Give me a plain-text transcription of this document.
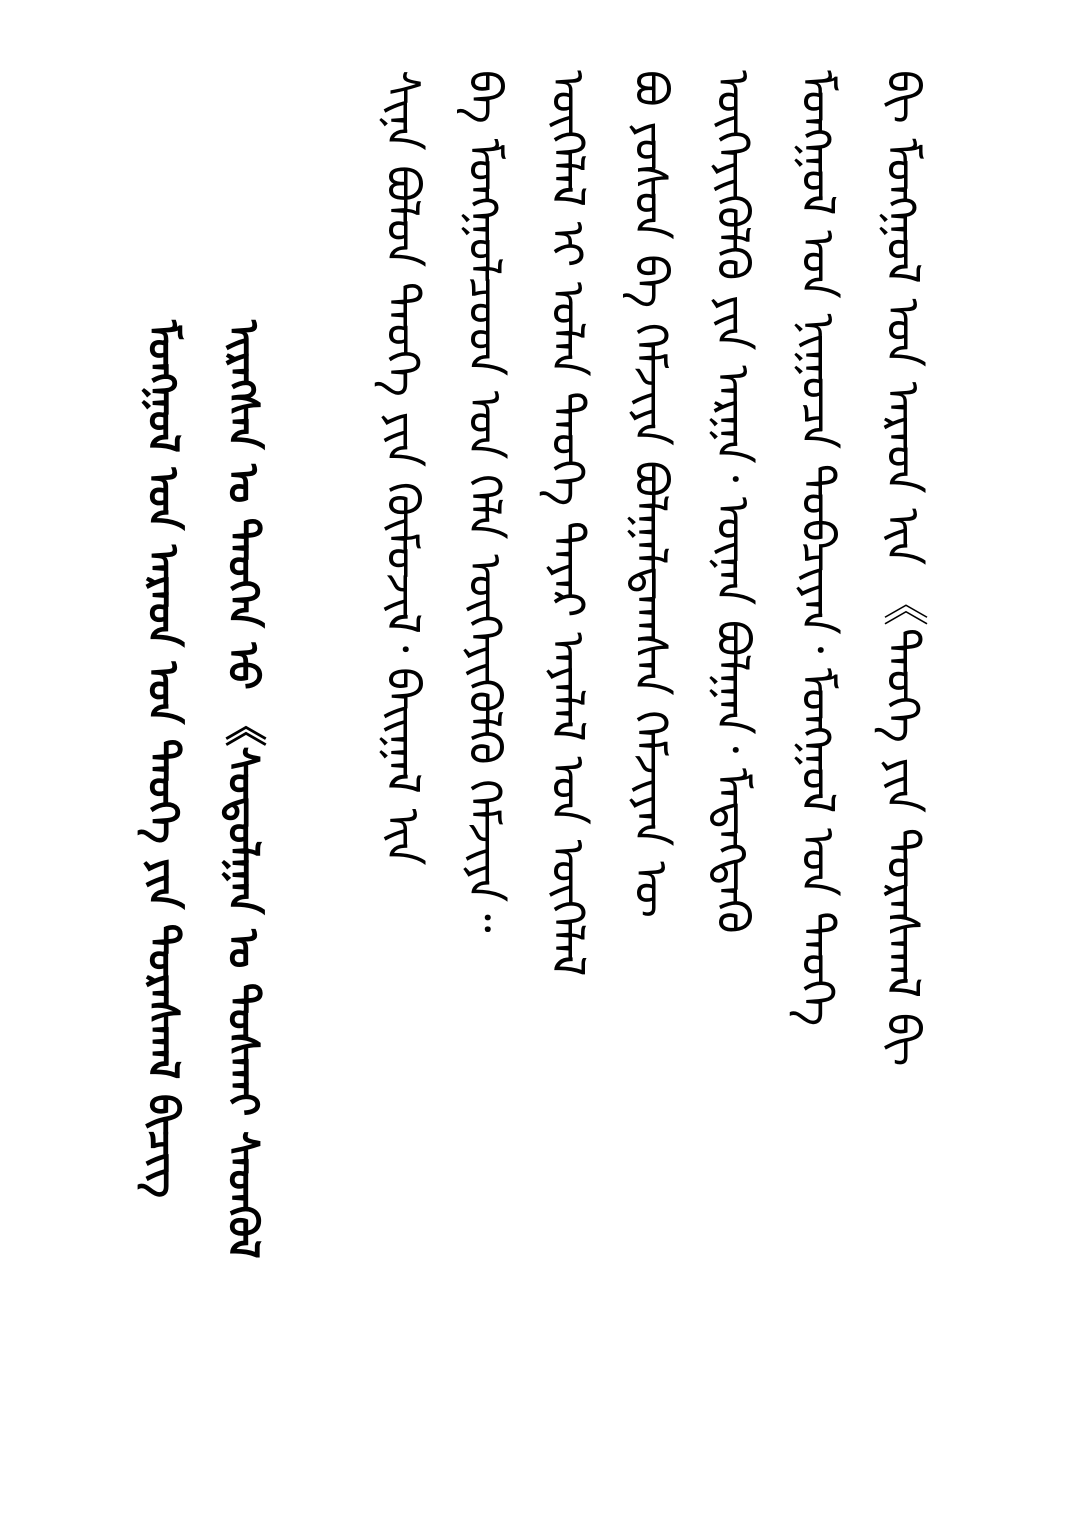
ᠪᠢ ᠮᠣᠩᠭᠣᠯ ᠤᠨ ᠠᠷᠠᠳ ᠢᠨ 《ᠲᠡᠦᠬᠡ ᠶᠢᠨ ᠳᠤᠷᠠᠰᠬᠠᠯ ᠪᠢ
ᠮᠣᠩᠭᠣᠯ ᠤᠨ ᠨᠢᠭᠤᠴᠠ ᠲᠣᠪᠴᠢᠶᠠᠨ᠂ ᠮᠣᠩᠭᠣᠯ ᠤᠨ ᠲᠡᠦᠬᠡ
ᠦᠭᠡᠶᠢᠭᠦᠯᠬᠦ ᠶᠢᠨ ᠠᠷᠭᠠ᠂ ᠦᠨᠡᠨ ᠪᠣᠯᠭᠠᠨ᠂ ᠮᠡᠳᠡᠭᠳᠡᠬᠦ
ᠪᠣ ᠶᠣᠰᠣᠨ ᠪᠠ ᠬᠡᠮᠵᠢᠶᠡ ᠪᠣᠯᠭᠠᠯᠳᠠᠭᠰᠠᠨ ᠬᠡᠮᠵᠢᠶᠡᠨ ᠦ
ᠦᠭᠡᠯᠡᠯ ᠢ ᠣᠯᠠᠨ ᠲᠡᠦᠬᠡ ᠳᠠᠶᠠᠷ ᠠᠶᠠᠯᠠᠯ ᠤᠨ ᠦᠭᠡᠯᠡᠯ
ᠪᠡ ᠮᠣᠩᠭᠣᠯᠴᠤᠳ ᠤᠨ ᠬᠡᠯᠡ ᠦᠭᠡᠶᠢᠭᠦᠯᠬᠦ ᠬᠡᠮᠵᠢᠶᠡ᠃
ᠰᠢᠨᠡ ᠪᠣᠯᠣᠨ ᠲᠡᠦᠬᠡ ᠶᠢᠨ ᠬᠦᠮᠦᠵᠢᠯ᠂ ᠪᠠᠢᠭᠠᠯ ᠢᠨ
ᠢᠷᠡᠭᠰᠡᠨ ᠤ ᠲᠡᠦᠬᠡᠨ ᠦ᠋ 《ᠰᠤᠳᠤᠯᠭᠠᠨ ᠤ ᠲᠤᠰᠬᠠᠢ ᠰᠡᠳᠬᠦᠯ
ᠮᠣᠩᠭᠣᠯ ᠤᠨ ᠠᠷᠠᠳ ᠤᠨ ᠲᠡᠦᠬᠡ ᠶᠢᠨ ᠳᠤᠷᠠᠰᠬᠠᠯ ᠪᠢᠴᠢᠭ
